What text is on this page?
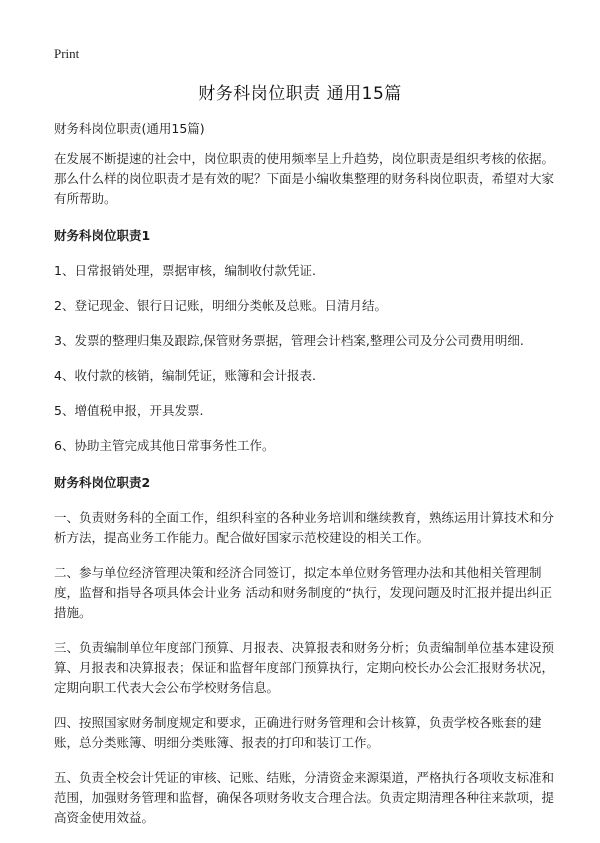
Print
财务科岗位职责 通用15篇

财务科岗位职责(通用15篇)

在发展不断提速的社会中，岗位职责的使用频率呈上升趋势，岗位职责是组织考核的依据。那么什么样的岗位职责才是有效的呢？下面是小编收集整理的财务科岗位职责，希望对大家有所帮助。

财务科岗位职责1

1、日常报销处理，票据审核，编制收付款凭证.

2、登记现金、银行日记账，明细分类帐及总账。日清月结。

3、发票的整理归集及跟踪,保管财务票据，管理会计档案,整理公司及分公司费用明细.

4、收付款的核销，编制凭证，账簿和会计报表.

5、增值税申报，开具发票.

6、协助主管完成其他日常事务性工作。

财务科岗位职责2

一、负责财务科的全面工作，组织科室的各种业务培训和继续教育，熟练运用计算技术和分析方法，提高业务工作能力。配合做好国家示范校建设的相关工作。

二、参与单位经济管理决策和经济合同签订，拟定本单位财务管理办法和其他相关管理制度，监督和指导各项具体会计业务 活动和财务制度的“执行，发现问题及时汇报并提出纠正措施。

三、负责编制单位年度部门预算、月报表、决算报表和财务分析；负责编制单位基本建设预算、月报表和决算报表；保证和监督年度部门预算执行，定期向校长办公会汇报财务状况，定期向职工代表大会公布学校财务信息。

四、按照国家财务制度规定和要求，正确进行财务管理和会计核算，负责学校各账套的建账，总分类账簿、明细分类账簿、报表的打印和装订工作。

五、负责全校会计凭证的审核、记账、结账，分清资金来源渠道，严格执行各项收支标准和范围，加强财务管理和监督，确保各项财务收支合理合法。负责定期清理各种往来款项，提高资金使用效益。
